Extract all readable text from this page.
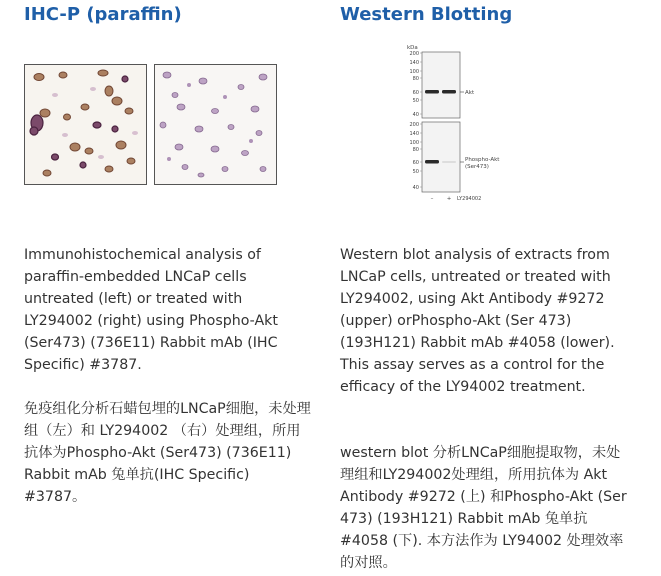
IHC-P (paraffin)

Immunohistochemical analysis of paraffin-embedded LNCaP cells untreated (left) or treated with LY294002 (right) using Phospho-Akt (Ser473) (736E11) Rabbit mAb (IHC Specific) #3787.

免疫组化分析石蜡包埋的LNCaP细胞，未处理组（左）和 LY294002 （右）处理组，所用抗体为Phospho-Akt (Ser473) (736E11) Rabbit mAb 兔单抗(IHC Specific) #3787。

Western Blotting
kDa
200
140
100
80
60
50
40
Akt
200
140
100
80
60
50
40
Phospho-Akt
(Ser473)
– + LY294002

Western blot analysis of extracts from LNCaP cells, untreated or treated with LY294002, using Akt Antibody #9272 (upper) orPhospho-Akt (Ser 473) (193H121) Rabbit mAb #4058 (lower). This assay serves as a control for the efficacy of the LY94002 treatment.

western blot 分析LNCaP细胞提取物，未处理组和LY294002处理组，所用抗体为 Akt Antibody #9272 (上) 和Phospho-Akt (Ser 473) (193H121) Rabbit mAb 兔单抗 #4058 (下). 本方法作为 LY94002 处理效率的对照。
